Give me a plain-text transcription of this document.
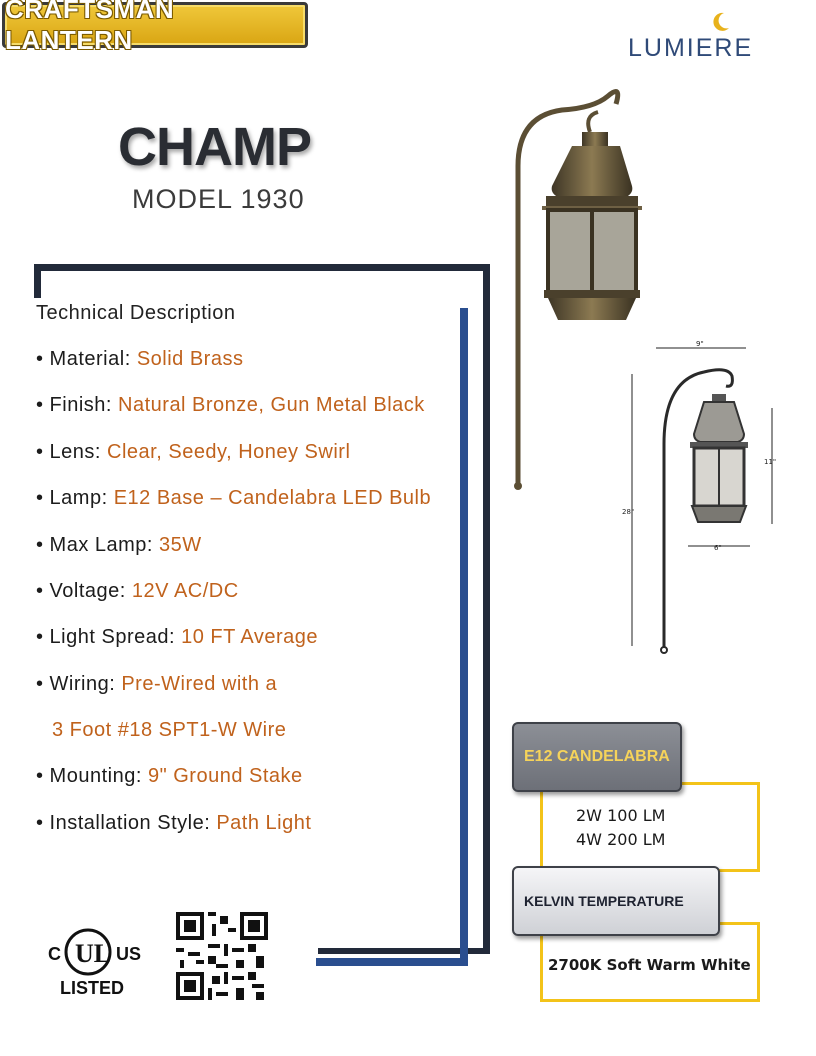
CRAFTSMAN LANTERN	LUMIERE
CHAMP
MODEL 1930
Technical Description
• Material: Solid Brass
• Finish: Natural Bronze, Gun Metal Black
• Lens: Clear, Seedy, Honey Swirl
• Lamp: E12 Base – Candelabra LED Bulb
• Max Lamp: 35W
• Voltage: 12V AC/DC
• Light Spread: 10 FT Average
• Wiring: Pre-Wired with a
3 Foot #18 SPT1-W Wire
• Mounting: 9" Ground Stake
• Installation Style: Path Light
C UL US
LISTED
9"
28"
11"
6"
2W 100 LM
4W 200 LM
E12 CANDELABRA
2700K Soft Warm White
KELVIN TEMPERATURE
